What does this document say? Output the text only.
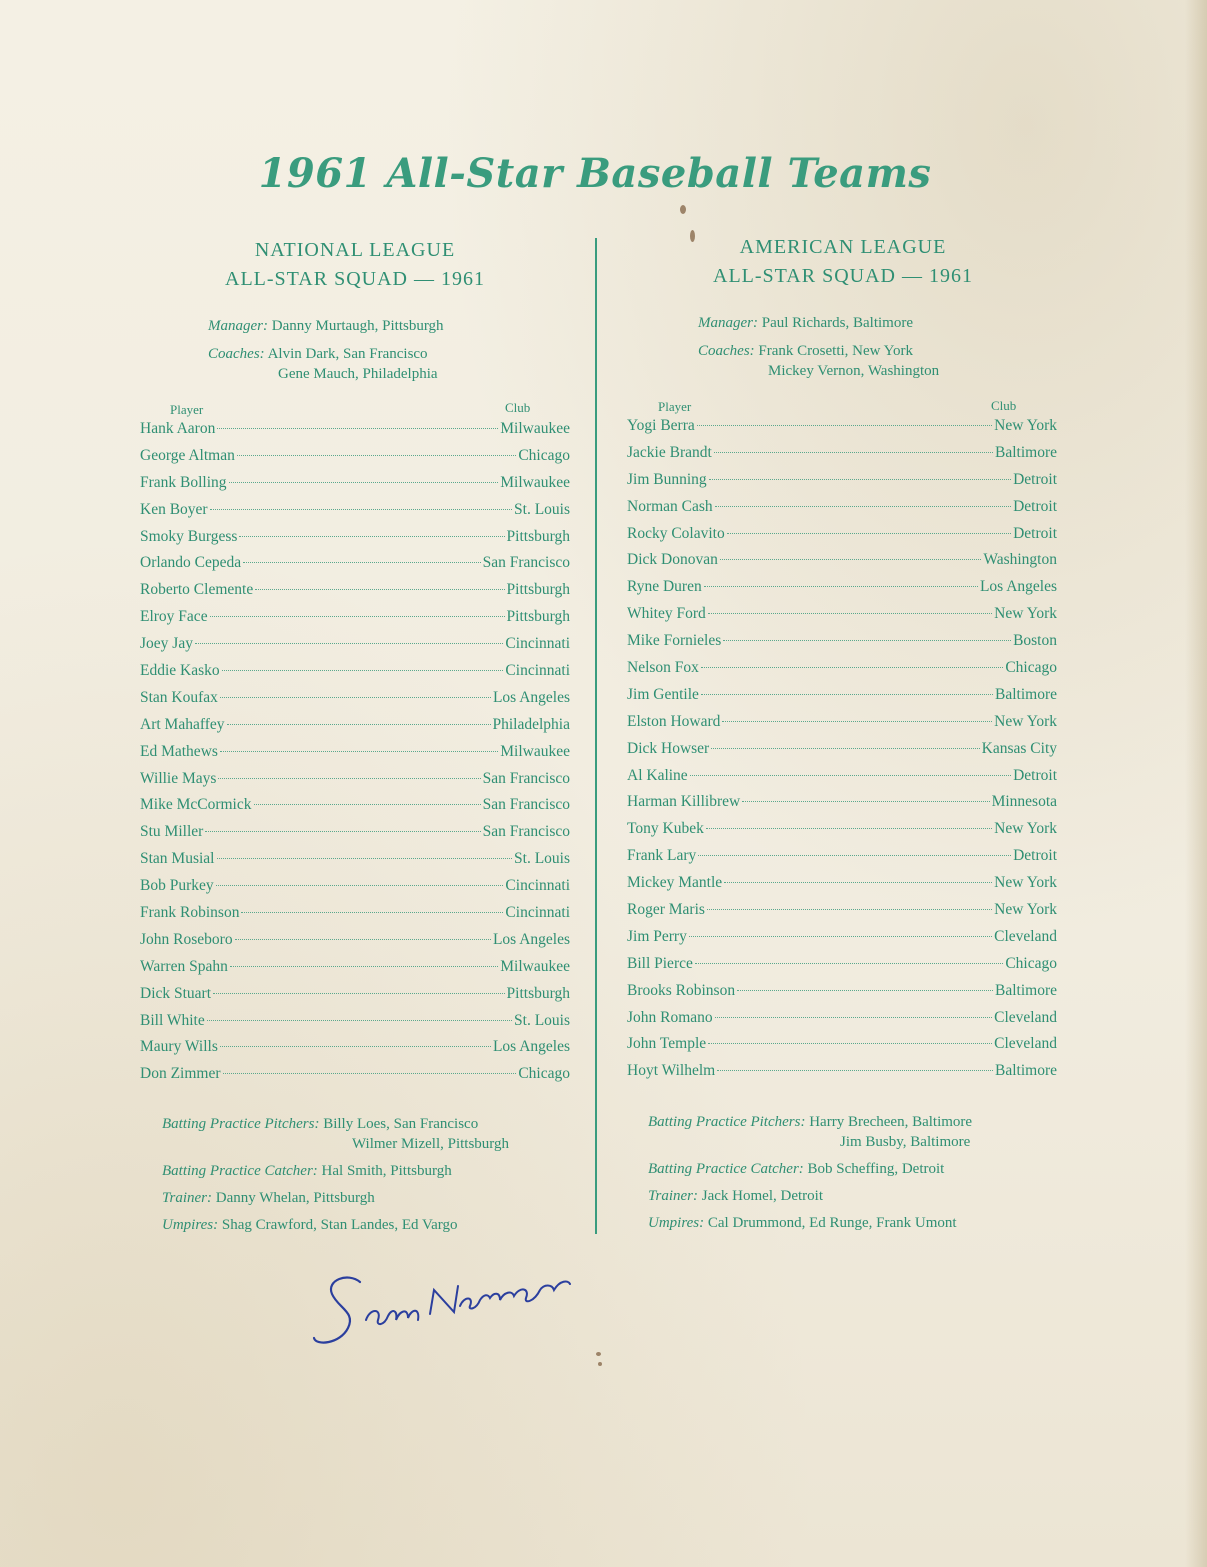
1961 All-Star Baseball Teams
NATIONAL LEAGUE
ALL-STAR SQUAD — 1961
Manager: Danny Murtaugh, Pittsburgh
Coaches: Alvin Dark, San Francisco
Gene Mauch, Philadelphia
Player	Club
Hank Aaron	Milwaukee
George Altman	Chicago
Frank Bolling	Milwaukee
Ken Boyer	St. Louis
Smoky Burgess	Pittsburgh
Orlando Cepeda	San Francisco
Roberto Clemente	Pittsburgh
Elroy Face	Pittsburgh
Joey Jay	Cincinnati
Eddie Kasko	Cincinnati
Stan Koufax	Los Angeles
Art Mahaffey	Philadelphia
Ed Mathews	Milwaukee
Willie Mays	San Francisco
Mike McCormick	San Francisco
Stu Miller	San Francisco
Stan Musial	St. Louis
Bob Purkey	Cincinnati
Frank Robinson	Cincinnati
John Roseboro	Los Angeles
Warren Spahn	Milwaukee
Dick Stuart	Pittsburgh
Bill White	St. Louis
Maury Wills	Los Angeles
Don Zimmer	Chicago
Batting Practice Pitchers: Billy Loes, San Francisco
Wilmer Mizell, Pittsburgh
Batting Practice Catcher: Hal Smith, Pittsburgh
Trainer: Danny Whelan, Pittsburgh
Umpires: Shag Crawford, Stan Landes, Ed Vargo
AMERICAN LEAGUE
ALL-STAR SQUAD — 1961
Manager: Paul Richards, Baltimore
Coaches: Frank Crosetti, New York
Mickey Vernon, Washington
Player	Club
Yogi Berra	New York
Jackie Brandt	Baltimore
Jim Bunning	Detroit
Norman Cash	Detroit
Rocky Colavito	Detroit
Dick Donovan	Washington
Ryne Duren	Los Angeles
Whitey Ford	New York
Mike Fornieles	Boston
Nelson Fox	Chicago
Jim Gentile	Baltimore
Elston Howard	New York
Dick Howser	Kansas City
Al Kaline	Detroit
Harman Killibrew	Minnesota
Tony Kubek	New York
Frank Lary	Detroit
Mickey Mantle	New York
Roger Maris	New York
Jim Perry	Cleveland
Bill Pierce	Chicago
Brooks Robinson	Baltimore
John Romano	Cleveland
John Temple	Cleveland
Hoyt Wilhelm	Baltimore
Batting Practice Pitchers: Harry Brecheen, Baltimore
Jim Busby, Baltimore
Batting Practice Catcher: Bob Scheffing, Detroit
Trainer: Jack Homel, Detroit
Umpires: Cal Drummond, Ed Runge, Frank Umont
